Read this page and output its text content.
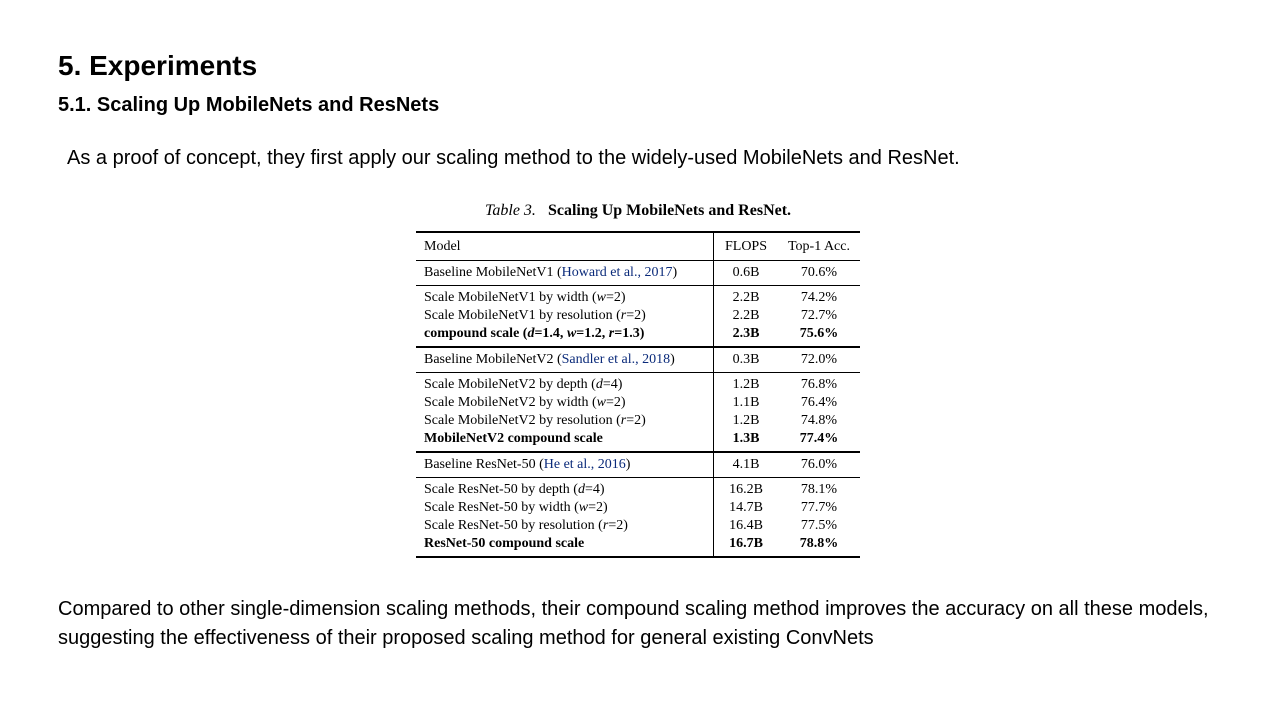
5. Experiments
5.1. Scaling Up MobileNets and ResNets

As a proof of concept, they first apply our scaling method to the widely-used MobileNets and ResNet.

Table 3. Scaling Up MobileNets and ResNet.
Model	FLOPS	Top-1 Acc.
Baseline MobileNetV1 (Howard et al., 2017)	0.6B	70.6%
Scale MobileNetV1 by width (w=2)	2.2B	74.2%
Scale MobileNetV1 by resolution (r=2)	2.2B	72.7%
compound scale (d=1.4, w=1.2, r=1.3)	2.3B	75.6%
Baseline MobileNetV2 (Sandler et al., 2018)	0.3B	72.0%
Scale MobileNetV2 by depth (d=4)	1.2B	76.8%
Scale MobileNetV2 by width (w=2)	1.1B	76.4%
Scale MobileNetV2 by resolution (r=2)	1.2B	74.8%
MobileNetV2 compound scale	1.3B	77.4%
Baseline ResNet-50 (He et al., 2016)	4.1B	76.0%
Scale ResNet-50 by depth (d=4)	16.2B	78.1%
Scale ResNet-50 by width (w=2)	14.7B	77.7%
Scale ResNet-50 by resolution (r=2)	16.4B	77.5%
ResNet-50 compound scale	16.7B	78.8%

Compared to other single-dimension scaling methods, their compound scaling method improves the accuracy on all these models, suggesting the effectiveness of their proposed scaling method for general existing ConvNets
